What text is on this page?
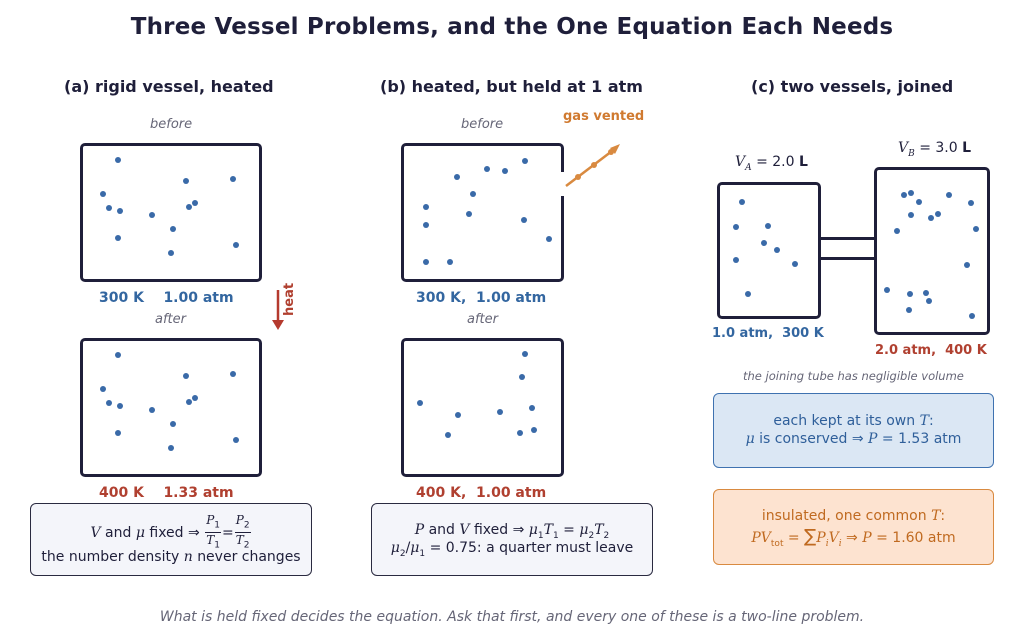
Three Vessel Problems, and the One Equation Each Needs
(a) rigid vessel, heated
before
300 K    1.00 atm	heat
after
400 K    1.33 atm
V and μ fixed ⇒ $\frac{P_1}{T_1} = \frac{P_2}{T_2}$
the number density n never changes
(b) heated, but held at 1 atm
before
gas vented
300 K,  1.00 atm
after
400 K,  1.00 atm
P and V fixed ⇒ $\mu_1T_1 = \mu_2T_2$
$\mu_2/\mu_1 = 0.75$: a quarter must leave
(c) two vessels, joined
$V_A = 2.0$ L
$V_B = 3.0$ L
1.0 atm,  300 K
2.0 atm,  400 K
the joining tube has negligible volume
each kept at its own T:
μ is conserved ⇒ P = 1.53 atm
insulated, one common T:
$PV_{tot} = \sum P_iV_i$ ⇒ P = 1.60 atm
What is held fixed decides the equation. Ask that first, and every one of these is a two-line problem.
